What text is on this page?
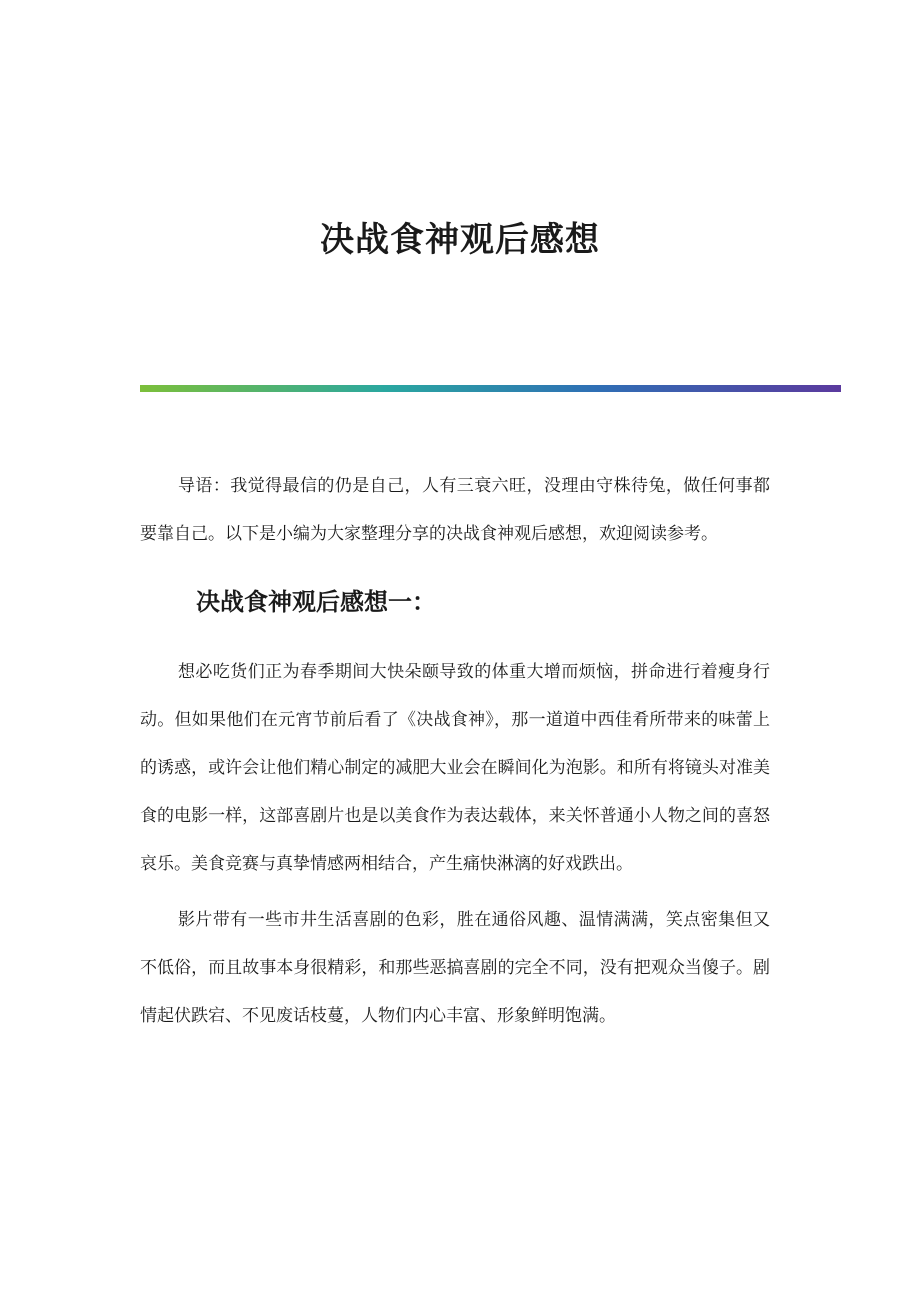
决战食神观后感想

导语：我觉得最信的仍是自己，人有三衰六旺，没理由守株待兔，做任何事都要靠自己。以下是小编为大家整理分享的决战食神观后感想，欢迎阅读参考。

决战食神观后感想一：

想必吃货们正为春季期间大快朵颐导致的体重大增而烦恼，拼命进行着瘦身行动。但如果他们在元宵节前后看了《决战食神》，那一道道中西佳肴所带来的味蕾上的诱惑，或许会让他们精心制定的减肥大业会在瞬间化为泡影。和所有将镜头对准美食的电影一样，这部喜剧片也是以美食作为表达载体，来关怀普通小人物之间的喜怒哀乐。美食竞赛与真挚情感两相结合，产生痛快淋漓的好戏跌出。

影片带有一些市井生活喜剧的色彩，胜在通俗风趣、温情满满，笑点密集但又不低俗，而且故事本身很精彩，和那些恶搞喜剧的完全不同，没有把观众当傻子。剧情起伏跌宕、不见废话枝蔓，人物们内心丰富、形象鲜明饱满。
